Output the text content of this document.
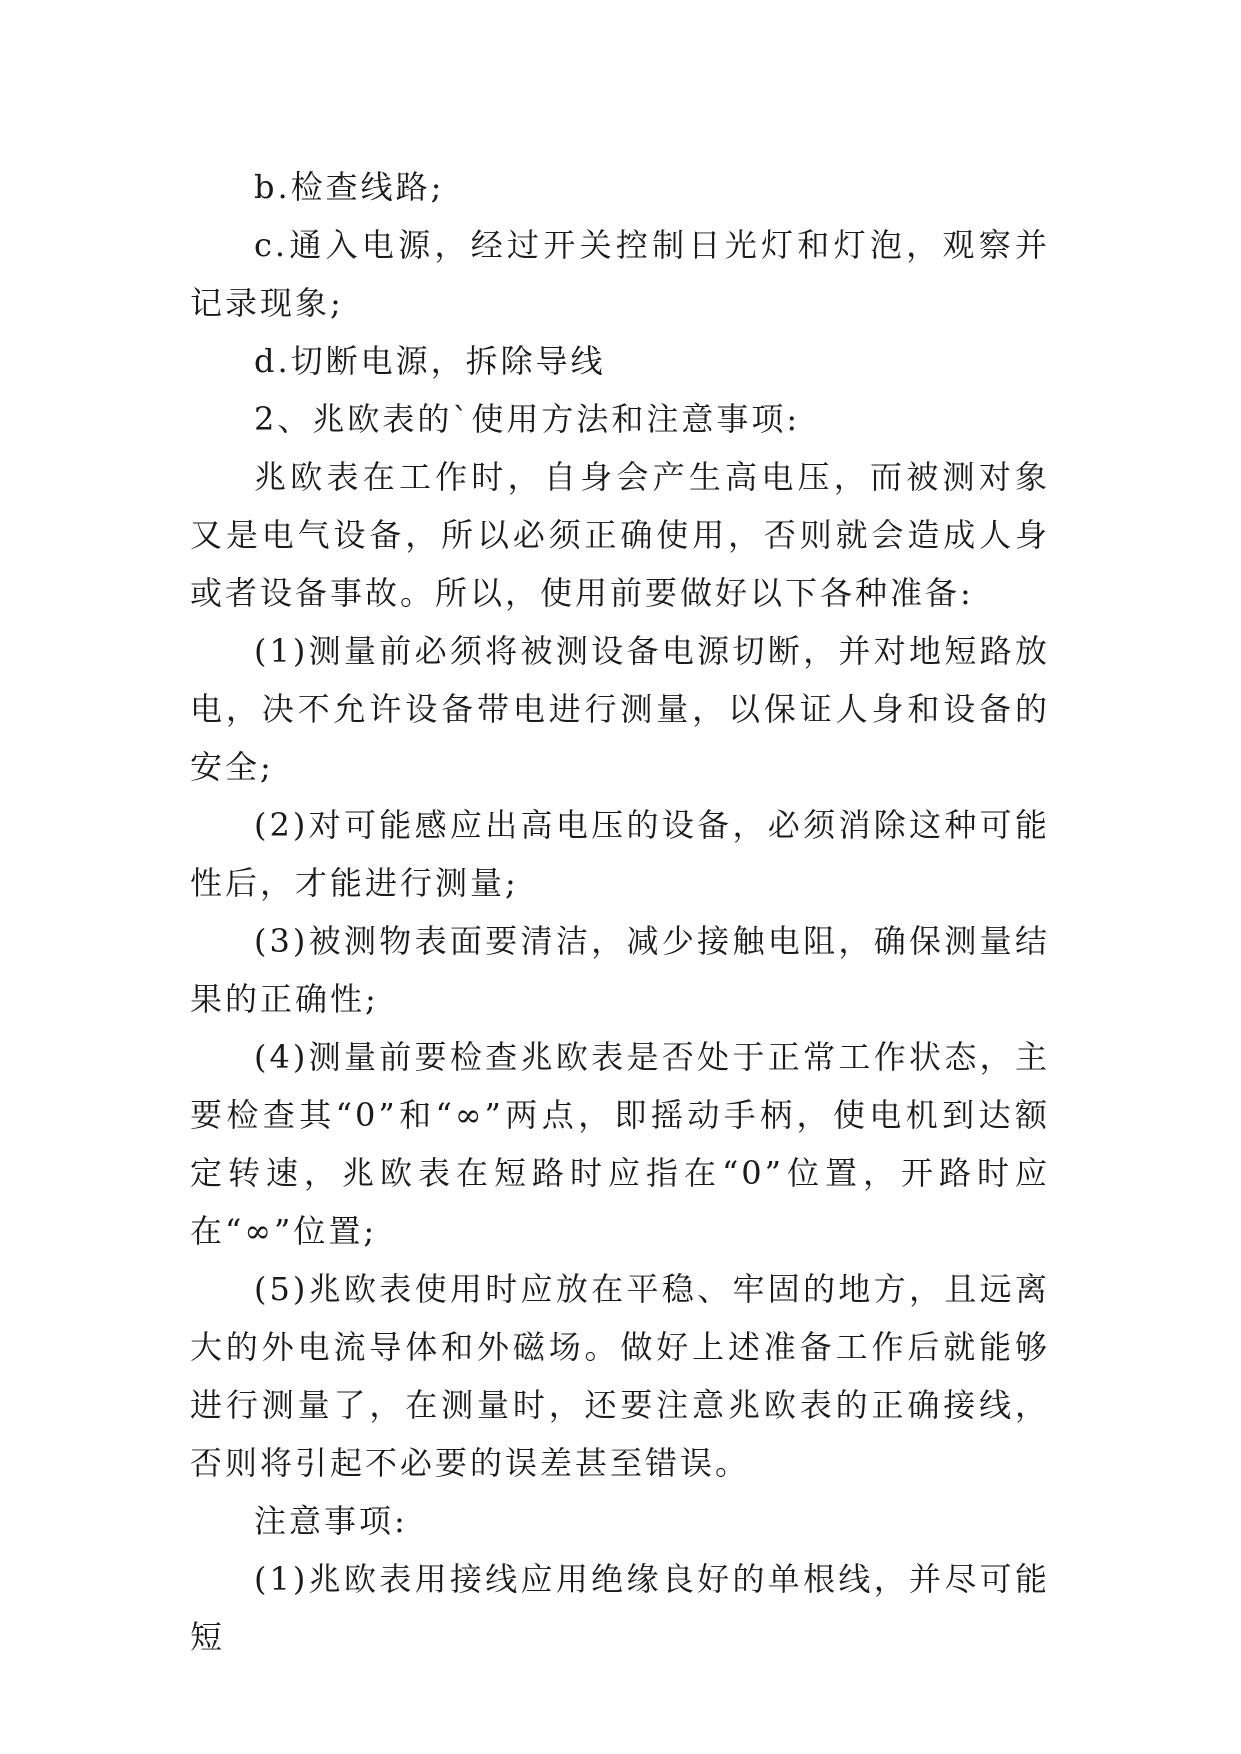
b.检查线路;

c.通入电源，经过开关控制日光灯和灯泡，观察并记录现象;

d.切断电源，拆除导线

2、兆欧表的`使用方法和注意事项:

兆欧表在工作时，自身会产生高电压，而被测对象又是电气设备，所以必须正确使用，否则就会造成人身或者设备事故。所以，使用前要做好以下各种准备:

(1)测量前必须将被测设备电源切断，并对地短路放电，决不允许设备带电进行测量，以保证人身和设备的安全;

(2)对可能感应出高电压的设备，必须消除这种可能性后，才能进行测量;

(3)被测物表面要清洁，减少接触电阻，确保测量结果的正确性;

(4)测量前要检查兆欧表是否处于正常工作状态，主要检查其“0”和“∞”两点，即摇动手柄，使电机到达额定转速，兆欧表在短路时应指在“0”位置，开路时应在“∞”位置;

(5)兆欧表使用时应放在平稳、牢固的地方，且远离大的外电流导体和外磁场。做好上述准备工作后就能够进行测量了，在测量时，还要注意兆欧表的正确接线，否则将引起不必要的误差甚至错误。

注意事项:

(1)兆欧表用接线应用绝缘良好的单根线，并尽可能短
